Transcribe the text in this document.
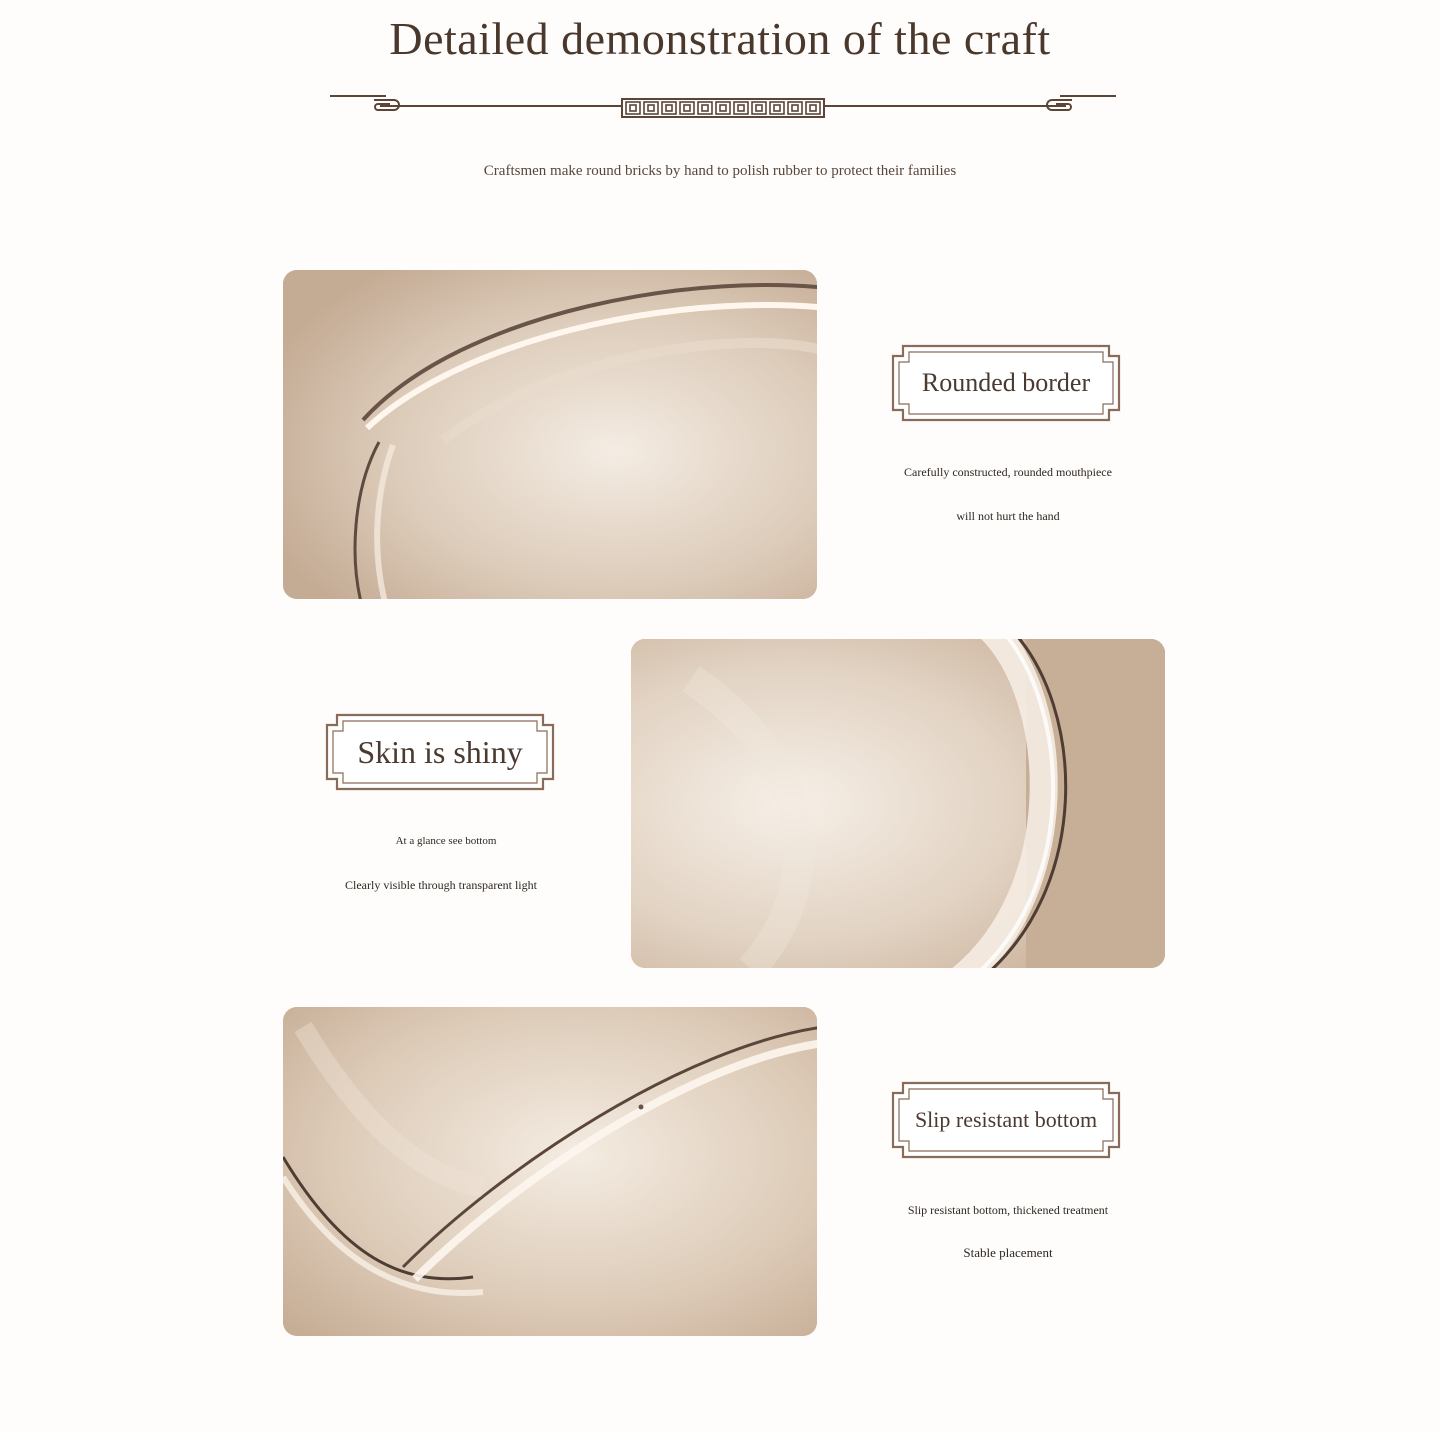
Detailed demonstration of the craft
Craftsmen make round bricks by hand to polish rubber to protect their families
Rounded border
Carefully constructed, rounded mouthpiece
will not hurt the hand
Skin is shiny
At a glance see bottom
Clearly visible through transparent light
Slip resistant bottom
Slip resistant bottom, thickened treatment
Stable placement
